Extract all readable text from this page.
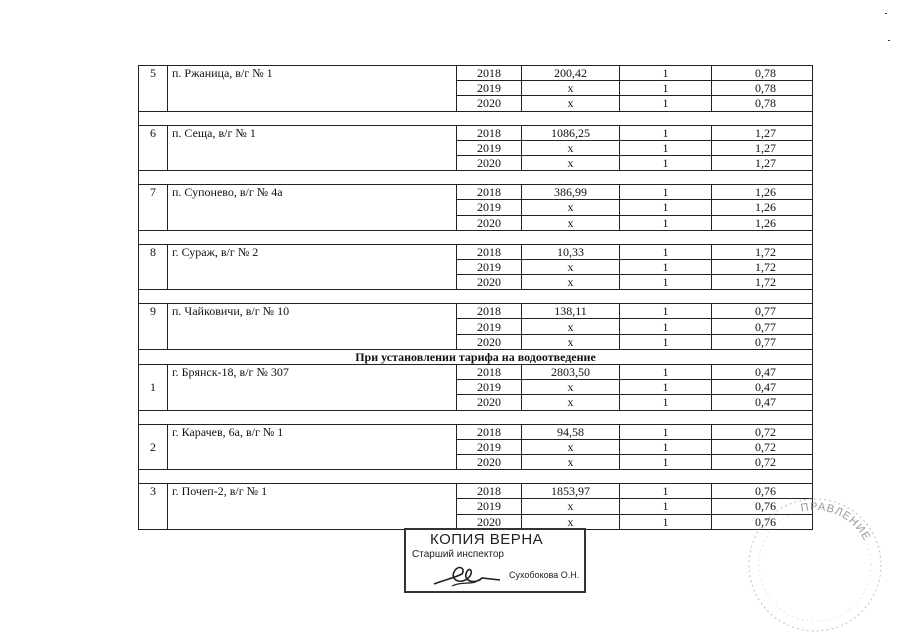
5	п. Ржаница, в/г № 1	2018	200,42	1	0,78
		2019	х	1	0,78
		2020	х	1	0,78

6	п. Сеща, в/г № 1	2018	1086,25	1	1,27
		2019	х	1	1,27
		2020	х	1	1,27

7	п. Супонево, в/г № 4а	2018	386,99	1	1,26
		2019	х	1	1,26
		2020	х	1	1,26

8	г. Сураж, в/г № 2	2018	10,33	1	1,72
		2019	х	1	1,72
		2020	х	1	1,72

9	п. Чайковичи, в/г № 10	2018	138,11	1	0,77
		2019	х	1	0,77
		2020	х	1	0,77
При установлении тарифа на водоотведение					
1	г. Брянск-18, в/г № 307	2018	2803,50	1	0,47
		2019	х	1	0,47
		2020	х	1	0,47

2	г. Карачев, 6а, в/г № 1	2018	94,58	1	0,72
		2019	х	1	0,72
		2020	х	1	0,72

3	г. Почеп-2, в/г № 1	2018	1853,97	1	0,76
		2019	х	1	0,76
		2020	х	1	0,76
КОПИЯ ВЕРНА
Старший инспектор
Сухобокова О.Н.
ПРАВЛЕНИЕ
